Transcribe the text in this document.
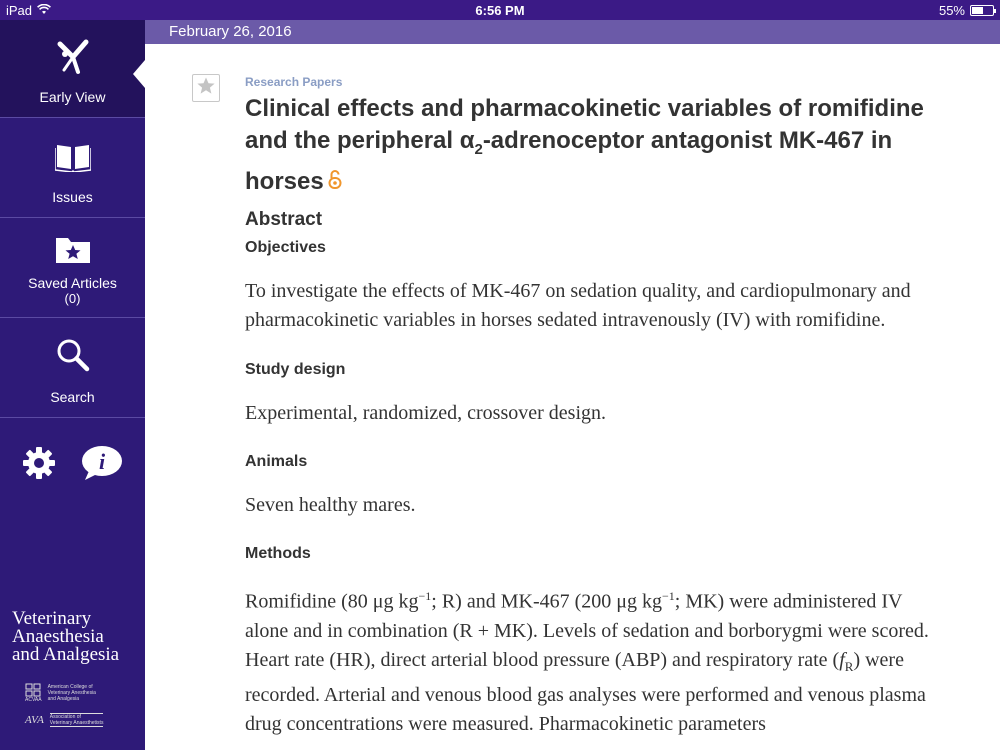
iPad	6:56 PM	55%
Early View
Issues
Saved Articles
(0)
Search
i
Veterinary
Anaesthesia
and Analgesia
ACVAA
American College of
Veterinary Anesthesia
and Analgesia
AVA Association of
Veterinary Anaesthetists
February 26, 2016
Research Papers
Clinical effects and pharmacokinetic variables of romifidine and the peripheral $\alpha_2$-adrenoceptor antagonist MK-467 in horses
Abstract
Objectives

To investigate the effects of MK-467 on sedation quality, and cardiopulmonary and pharmacokinetic variables in horses sedated intravenously (IV) with romifidine.

Study design

Experimental, randomized, crossover design.

Animals

Seven healthy mares.

Methods

Romifidine (80 μg $kg^{-1}$; R) and MK-467 (200 μg $kg^{-1}$; MK) were administered IV alone and in combination (R + MK). Levels of sedation and borborygmi were scored. Heart rate (HR), direct arterial blood pressure (ABP) and respiratory rate $(f_R)$ were recorded. Arterial and venous blood gas analyses were performed and venous plasma drug concentrations were measured. Pharmacokinetic parameters
